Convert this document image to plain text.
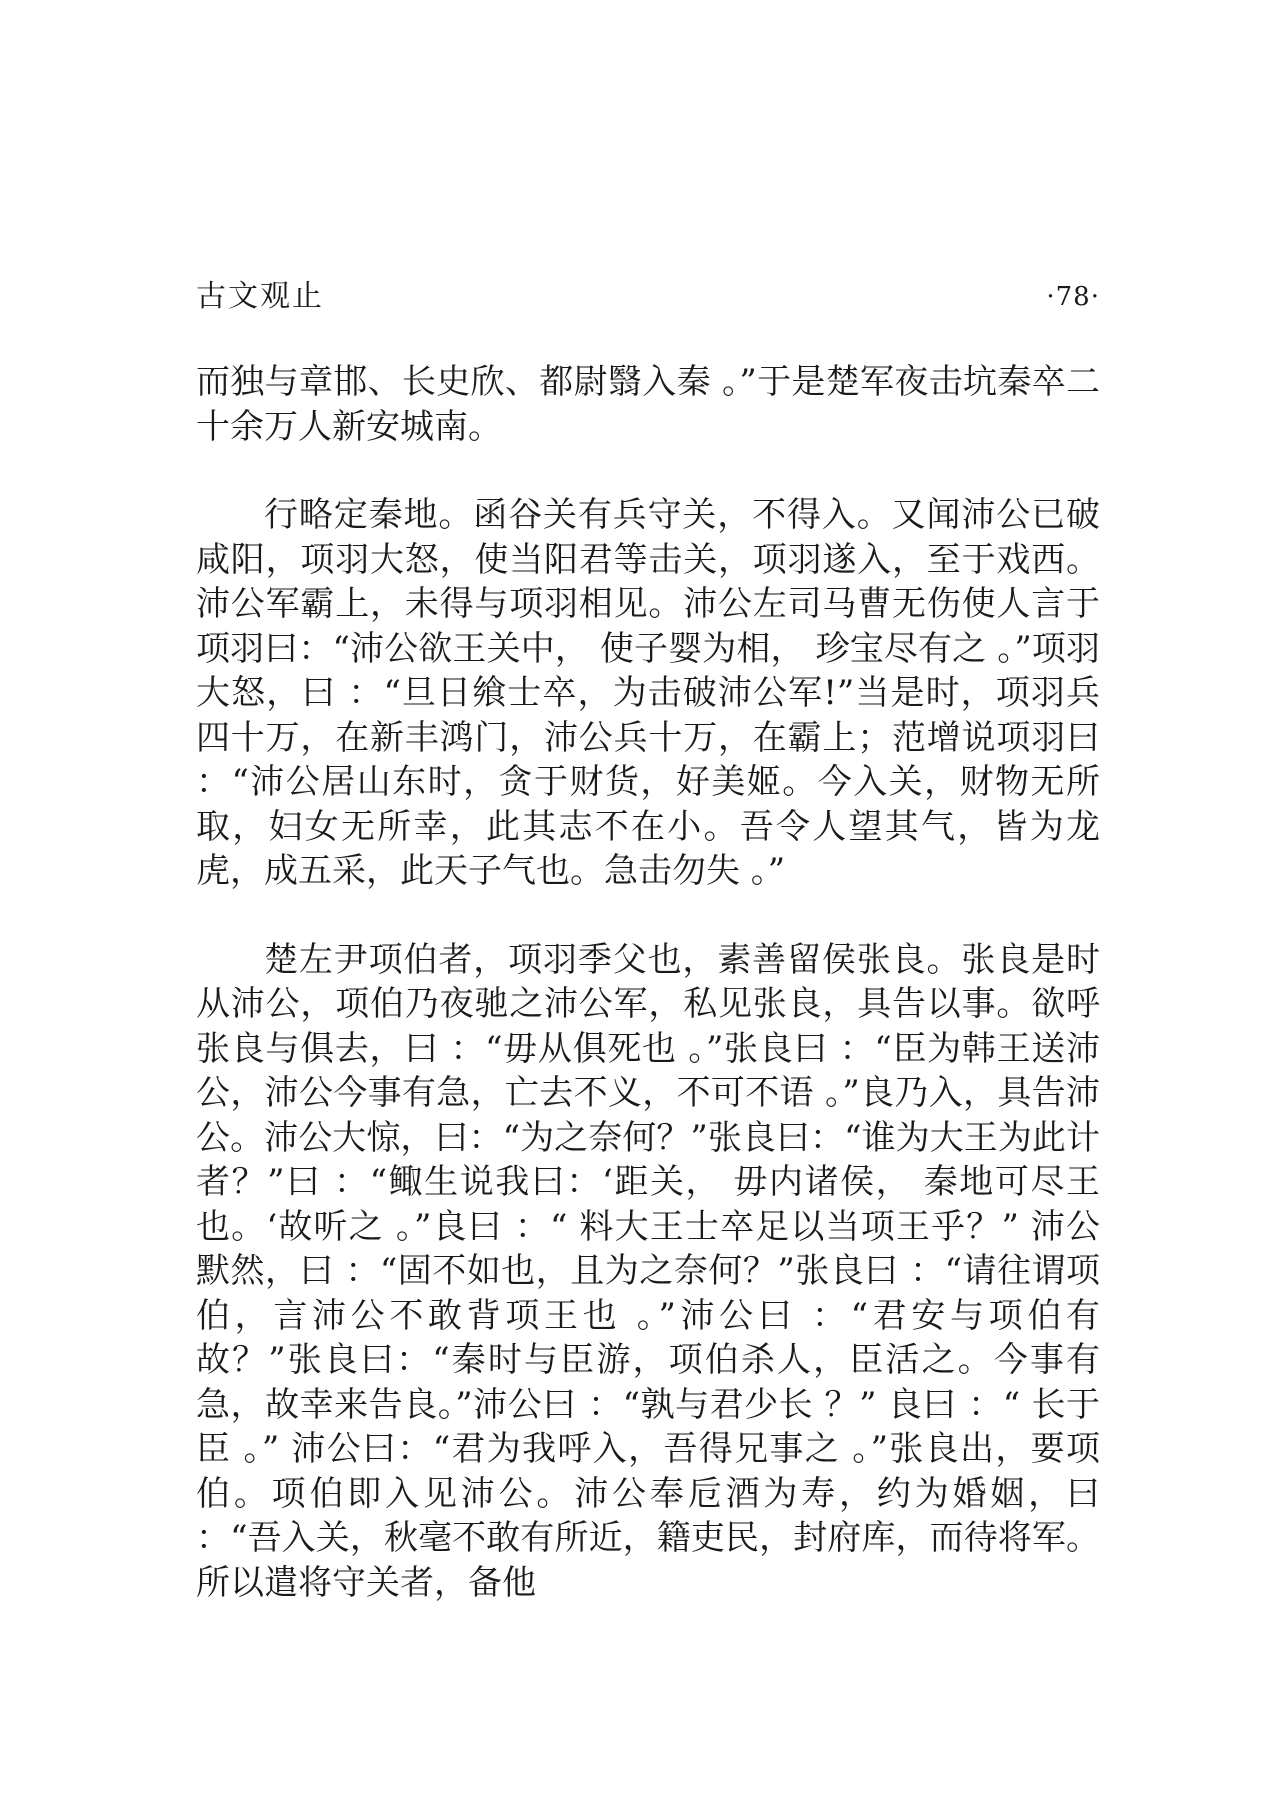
古文观止	·78·

而独与章邯、长史欣、都尉翳入秦 。”于是楚军夜击坑秦卒二十余万人新安城南。

行略定秦地。函谷关有兵守关，不得入。又闻沛公已破咸阳，项羽大怒，使当阳君等击关，项羽遂入，至于戏西。沛公军霸上，未得与项羽相见。沛公左司马曹无伤使人言于项羽曰：“沛公欲王关中， 使子婴为相， 珍宝尽有之 。”项羽大怒，曰 ：“旦日飨士卒，为击破沛公军!”当是时，项羽兵四十万，在新丰鸿门，沛公兵十万，在霸上；范增说项羽曰 ：“沛公居山东时，贪于财货，好美姬。今入关，财物无所取，妇女无所幸，此其志不在小。吾令人望其气，皆为龙虎，成五采，此天子气也。急击勿失 。”

楚左尹项伯者，项羽季父也，素善留侯张良。张良是时从沛公，项伯乃夜驰之沛公军，私见张良，具告以事。欲呼张良与俱去，曰 ：“毋从俱死也 。”张良曰 ：“臣为韩王送沛公，沛公今事有急，亡去不义，不可不语 。”良乃入，具告沛公。沛公大惊，曰：“为之奈何？”张良曰：“谁为大王为此计者？”曰 ：“鲰生说我曰：‘距关， 毋内诸侯， 秦地可尽王也。‘故听之 。”良曰 ：“ 料大王士卒足以当项王乎？” 沛公默然，曰 ：“固不如也，且为之奈何？”张良曰 ：“请往谓项伯，言沛公不敢背项王也 。”沛公曰 ：“君安与项伯有故？”张良曰：“秦时与臣游，项伯杀人，臣活之。今事有急，故幸来告良。”沛公曰 ：“孰与君少长 ？” 良曰 ：“ 长于臣 。” 沛公曰：“君为我呼入，吾得兄事之 。”张良出，要项伯。项伯即入见沛公。沛公奉卮酒为寿，约为婚姻，曰 ：“吾入关，秋毫不敢有所近，籍吏民，封府库，而待将军。所以遣将守关者，备他
